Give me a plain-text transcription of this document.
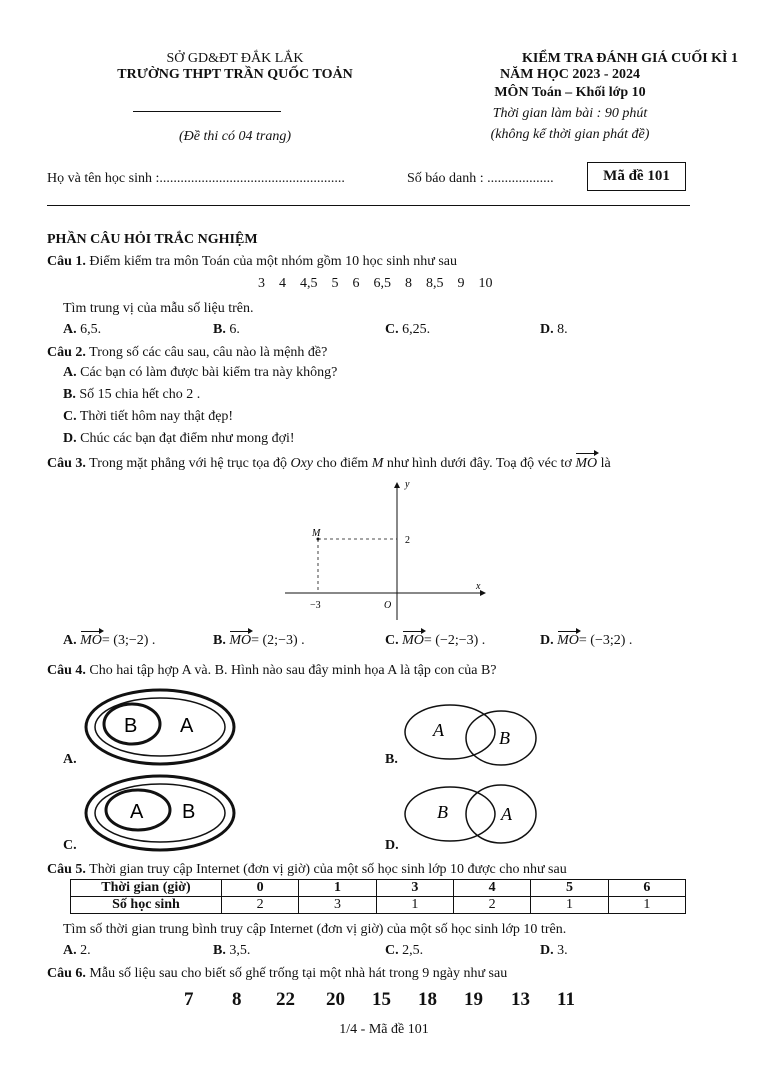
SỞ GD&ĐT ĐẮK LẮK
TRƯỜNG THPT TRẦN QUỐC TOẢN
(Đề thi có 04 trang)
KIỂM TRA ĐÁNH GIÁ CUỐI KÌ 1
NĂM HỌC 2023 - 2024
MÔN Toán – Khối lớp 10
Thời gian làm bài : 90 phút
(không kể thời gian phát đề)
Họ và tên học sinh :.....................................................	Số báo danh : ...................	Mã đề 101
PHẦN CÂU HỎI TRẮC NGHIỆM
Câu 1. Điểm kiểm tra môn Toán của một nhóm gồm 10 học sinh như sau
3 4 4,5 5 6 6,5 8 8,5 9 10
Tìm trung vị của mẫu số liệu trên.
A. 6,5.	B. 6.	C. 6,25.	D. 8.
Câu 2. Trong số các câu sau, câu nào là mệnh đề?
A. Các bạn có làm được bài kiểm tra này không?
B. Số 15 chia hết cho 2 .
C. Thời tiết hôm nay thật đẹp!
D. Chúc các bạn đạt điểm như mong đợi!
Câu 3. Trong mặt phẳng với hệ trục tọa độ Oxy cho điểm M như hình dưới đây. Toạ độ véc tơ MO là
y
x
M
O
−3
2
A. MO= (3;−2) .	B. MO= (2;−3) .	C. MO= (−2;−3) .	D. MO= (−3;2) .
Câu 4. Cho hai tập hợp A và. B. Hình nào sau đây minh họa A là tập con của B?
B A
A.
A	B
B.
A B
C.
B	A
D.
Câu 5. Thời gian truy cập Internet (đơn vị giờ) của một số học sinh lớp 10 được cho như sau
Thời gian (giờ)	0	1	3	4	5	6
Số học sinh	2	3	1	2	1	1
Tìm số thời gian trung bình truy cập Internet (đơn vị giờ) của một số học sinh lớp 10 trên.
A. 2.	B. 3,5.	C. 2,5.	D. 3.
Câu 6. Mẫu số liệu sau cho biết số ghế trống tại một nhà hát trong 9 ngày như sau
7 8 22 20 15 18 19 13 11
1/4 - Mã đề 101
